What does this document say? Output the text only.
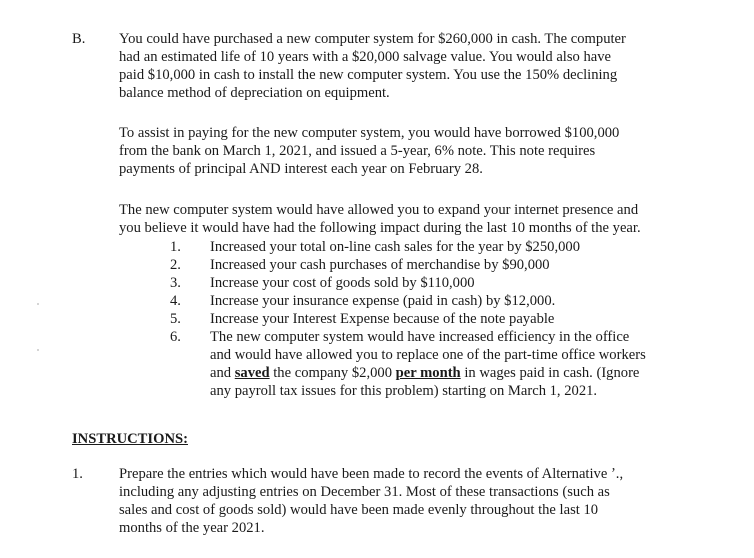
B. You could have purchased a new computer system for $260,000 in cash. The computer
had an estimated life of 10 years with a $20,000 salvage value. You would also have
paid $10,000 in cash to install the new computer system. You use the 150% declining
balance method of depreciation on equipment.
To assist in paying for the new computer system, you would have borrowed $100,000
from the bank on March 1, 2021, and issued a 5-year, 6% note. This note requires
payments of principal AND interest each year on February 28.
The new computer system would have allowed you to expand your internet presence and
you believe it would have had the following impact during the last 10 months of the year.
1. Increased your total on-line cash sales for the year by $250,000
2. Increased your cash purchases of merchandise by $90,000
3. Increase your cost of goods sold by $110,000
4. Increase your insurance expense (paid in cash) by $12,000.
5. Increase your Interest Expense because of the note payable
6. The new computer system would have increased efficiency in the office
and would have allowed you to replace one of the part-time office workers
and saved the company $2,000 per month in wages paid in cash. (Ignore
any payroll tax issues for this problem) starting on March 1, 2021.
INSTRUCTIONS:
1. Prepare the entries which would have been made to record the events of Alternative ʼ.,
including any adjusting entries on December 31. Most of these transactions (such as
sales and cost of goods sold) would have been made evenly throughout the last 10
months of the year 2021.
